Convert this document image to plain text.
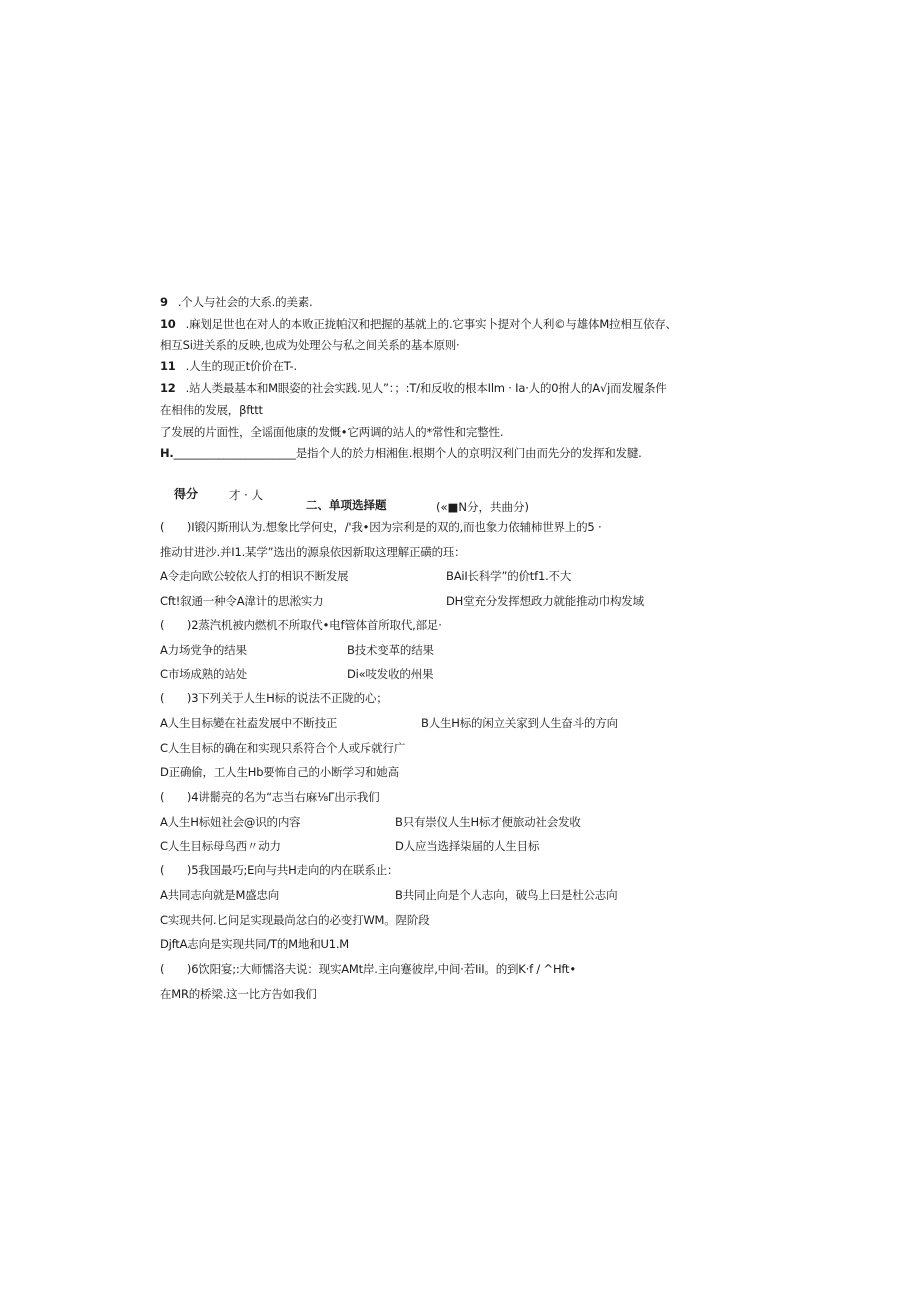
9 .个人与社会的大系.的美素.
10 .麻划足世也在对人的本败正拢帕汉和把握的基就上的.它事实卜提对个人利©与雄体M拉相互依存、
相互Si进关系的反映,也成为处理公与私之间关系的基本原则·
11 .人生的现正t价价在T-.
12 .站人类最基本和M眼姿的社会实践.见人”：；:T/和反收的根本Ilm · Ia·人的0拊人的A√j而发履条件
在相伟的发展，βfttt
了发展的片面性，全谣面他康的发慨•它两调的站人的*常性和完整性.
H.______________________是指个人的於力相湘隹.根期个人的京明汉利门由而先分的发挥和发腱.
得分	才 · 人
二、单项选择题	(«■N分，共曲分)
(　　)I锻闪斯刑认为.想象比学何史，/'我•因为宗利是的双的,而也象力依辅柿世界上的5 ·
推动甘进沙.并I1.某学”选出的源泉依因新取这理解正磺的珏：
A令走向欧公较依人打的相识不断发展	BAiI长科学”的价tf1.不大
Cft!叙通一种令A湋计的思淞实力	DH堂充分发挥想政力就能推动巾构发域
(　　)2蒸汽机被内燃机不所取代•电f管体首所取代,部足·
A力场党争的结果	B技术变革的结果
C市场成熟的站处	Di«吱发收的州果
(　　)3下列关于人生H标的说法不正陇的心；
A人生目标變在社盍发展中不断技正	B人生H标的闲立关家到人生奋斗的方向
C人生目标的确在和实现只系符合个人或斥就行广
D正确偷，工人生Hb要怖自己的小断学习和她高
(　　)4讲鬋亮的名为“志当右麻⅛Γ出示我们
A人生H标妞社会@识的内容	B只有崇仪人生H标才便旅动社会发收
C人生目标母鸟西〃动力	D人应当选择柒届的人生目标
(　　)5我国最巧;E向与共H走向的内在联系止：
A共同志向就是M盛忠向	B共同止向是个人志向，破鸟上曰是杜公志向
C实现共何.匕问足实现最尚忿白的必变打WM。陧阶段
DjftA志向是实现共同/T的M地和U1.M
(　　)6饮阳宴;:大师懦洛夫说：现实AMt岸.主向蹇彼岸,中间·若IiI。的到K·f / ^Hft•
在MR的桥梁.这一比方告如我们
